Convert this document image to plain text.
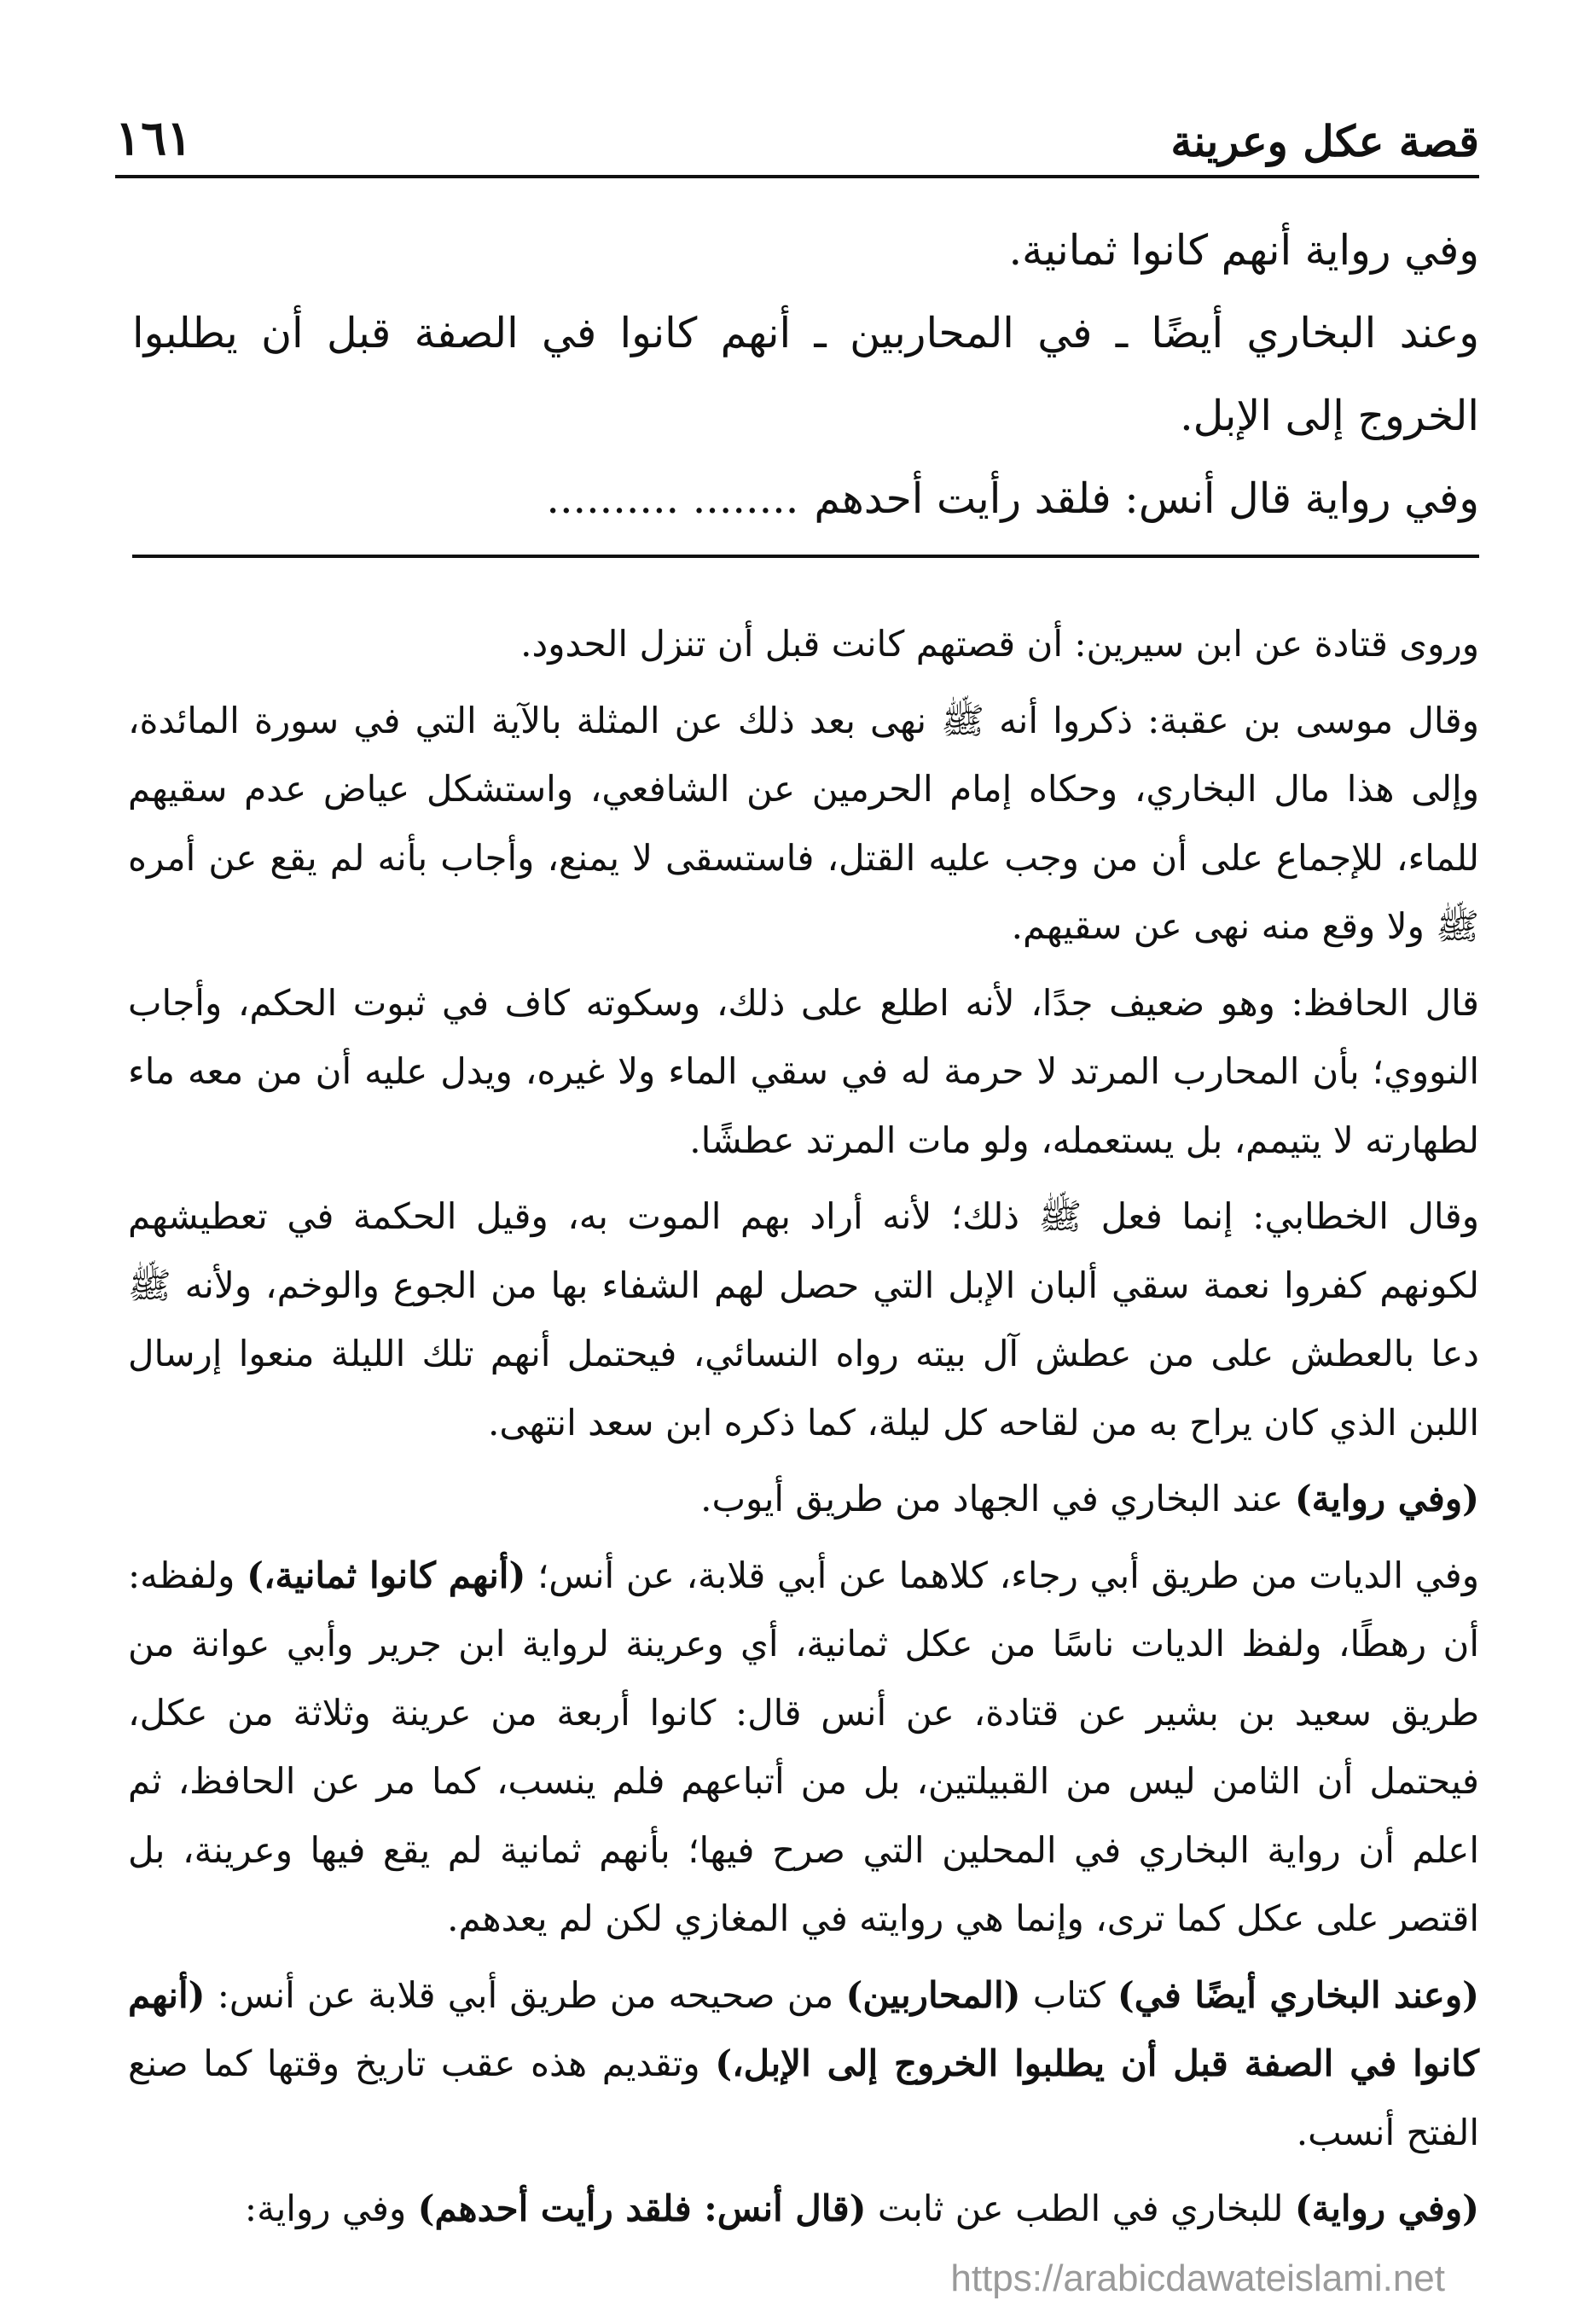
١٦١	قصة عكل وعرينة

وفي رواية أنهم كانوا ثمانية.

وعند البخاري أيضًا ـ في المحاربين ـ أنهم كانوا في الصفة قبل أن يطلبوا الخروج إلى الإبل.

وفي رواية قال أنس: فلقد رأيت أحدهم........ ..........

وروى قتادة عن ابن سيرين: أن قصتهم كانت قبل أن تنزل الحدود.

وقال موسى بن عقبة: ذكروا أنه ﷺ نهى بعد ذلك عن المثلة بالآية التي في سورة المائدة، وإلى هذا مال البخاري، وحكاه إمام الحرمين عن الشافعي، واستشكل عياض عدم سقيهم للماء، للإجماع على أن من وجب عليه القتل، فاستسقى لا يمنع، وأجاب بأنه لم يقع عن أمره ﷺ ولا وقع منه نهى عن سقيهم.

قال الحافظ: وهو ضعيف جدًا، لأنه اطلع على ذلك، وسكوته كاف في ثبوت الحكم، وأجاب النووي؛ بأن المحارب المرتد لا حرمة له في سقي الماء ولا غيره، ويدل عليه أن من معه ماء لطهارته لا يتيمم، بل يستعمله، ولو مات المرتد عطشًا.

وقال الخطابي: إنما فعل ﷺ ذلك؛ لأنه أراد بهم الموت به، وقيل الحكمة في تعطيشهم لكونهم كفروا نعمة سقي ألبان الإبل التي حصل لهم الشفاء بها من الجوع والوخم، ولأنه ﷺ دعا بالعطش على من عطش آل بيته رواه النسائي، فيحتمل أنهم تلك الليلة منعوا إرسال اللبن الذي كان يراح به من لقاحه كل ليلة، كما ذكره ابن سعد انتهى.

(وفي رواية) عند البخاري في الجهاد من طريق أيوب.

وفي الديات من طريق أبي رجاء، كلاهما عن أبي قلابة، عن أنس؛ (أنهم كانوا ثمانية،) ولفظه: أن رهطًا، ولفظ الديات ناسًا من عكل ثمانية، أي وعرينة لرواية ابن جرير وأبي عوانة من طريق سعيد بن بشير عن قتادة، عن أنس قال: كانوا أربعة من عرينة وثلاثة من عكل، فيحتمل أن الثامن ليس من القبيلتين، بل من أتباعهم فلم ينسب، كما مر عن الحافظ، ثم اعلم أن رواية البخاري في المحلين التي صرح فيها؛ بأنهم ثمانية لم يقع فيها وعرينة، بل اقتصر على عكل كما ترى، وإنما هي روايته في المغازي لكن لم يعدهم.

(وعند البخاري أيضًا في) كتاب (المحاربين) من صحيحه من طريق أبي قلابة عن أنس: (أنهم كانوا في الصفة قبل أن يطلبوا الخروج إلى الإبل،) وتقديم هذه عقب تاريخ وقتها كما صنع الفتح أنسب.

(وفي رواية) للبخاري في الطب عن ثابت (قال أنس: فلقد رأيت أحدهم) وفي رواية:

https://arabicdawateislami.net
